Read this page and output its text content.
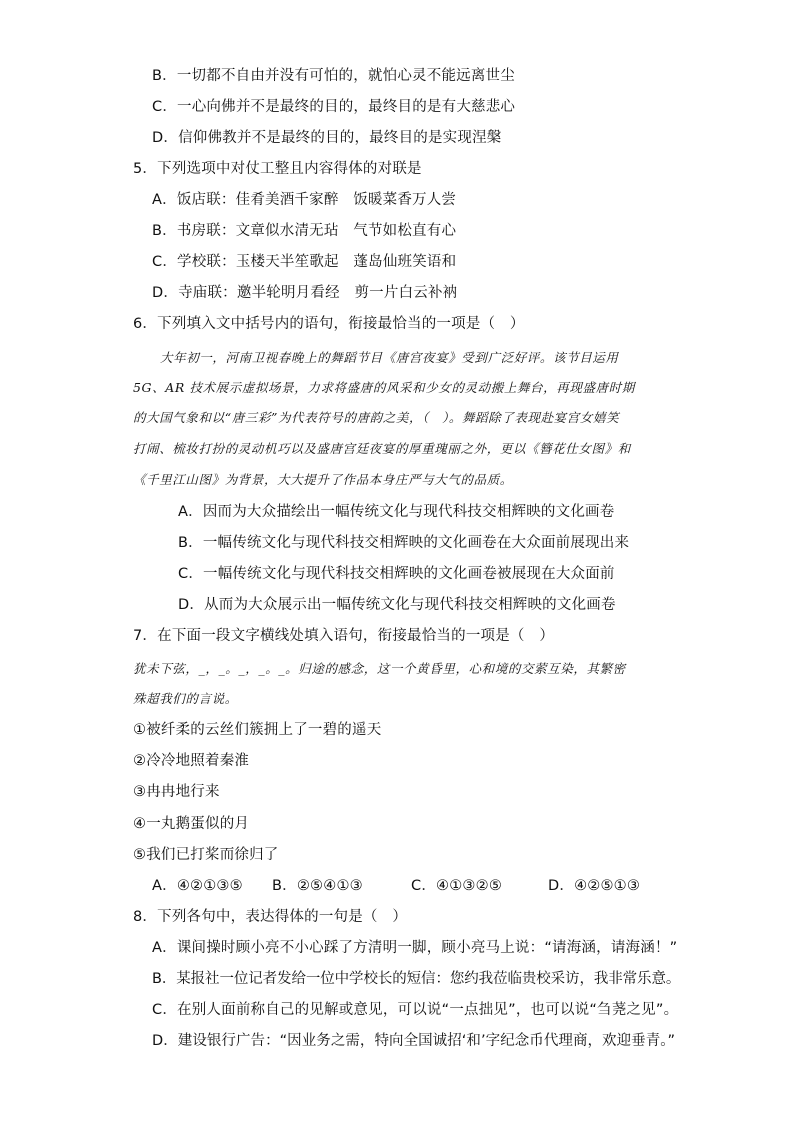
B．一切都不自由并没有可怕的，就怕心灵不能远离世尘
C．一心向佛并不是最终的目的，最终目的是有大慈悲心
D．信仰佛教并不是最终的目的，最终目的是实现涅槃
5．下列选项中对仗工整且内容得体的对联是
A．饭店联：佳肴美酒千家醉　饭暖菜香万人尝
B．书房联：文章似水清无玷　气节如松直有心
C．学校联：玉楼天半笙歌起　蓬岛仙班笑语和
D．寺庙联：邀半轮明月看经　剪一片白云补衲
6．下列填入文中括号内的语句，衔接最恰当的一项是（　）
大年初一，河南卫视春晚上的舞蹈节目《唐宫夜宴》受到广泛好评。该节目运用
5G、AR 技术展示虚拟场景，力求将盛唐的风采和少女的灵动搬上舞台，再现盛唐时期
的大国气象和以“唐三彩”为代表符号的唐韵之美，（　）。舞蹈除了表现赴宴宫女嬉笑
打闹、梳妆打扮的灵动机巧以及盛唐宫廷夜宴的厚重瑰丽之外，更以《簪花仕女图》和
《千里江山图》为背景，大大提升了作品本身庄严与大气的品质。
A．因而为大众描绘出一幅传统文化与现代科技交相辉映的文化画卷
B．一幅传统文化与现代科技交相辉映的文化画卷在大众面前展现出来
C．一幅传统文化与现代科技交相辉映的文化画卷被展现在大众面前
D．从而为大众展示出一幅传统文化与现代科技交相辉映的文化画卷
7．在下面一段文字横线处填入语句，衔接最恰当的一项是（　）
犹未下弦，_，_。_，_。_。归途的感念，这一个黄昏里，心和境的交萦互染，其繁密
殊超我们的言说。
①被纤柔的云丝们簇拥上了一碧的遥天
②冷冷地照着秦淮
③冉冉地行来
④一丸鹅蛋似的月
⑤我们已打桨而徐归了
A．④②①③⑤ B．②⑤④①③	C．④①③②⑤	D．④②⑤①③
8．下列各句中，表达得体的一句是（　）
A．课间操时顾小亮不小心踩了方清明一脚，顾小亮马上说：“请海涵，请海涵！”
B．某报社一位记者发给一位中学校长的短信：您约我莅临贵校采访，我非常乐意。
C．在别人面前称自己的见解或意见，可以说“一点拙见”，也可以说“刍荛之见”。
D．建设银行广告：“因业务之需，特向全国诚招‘和’字纪念币代理商，欢迎垂青。”
